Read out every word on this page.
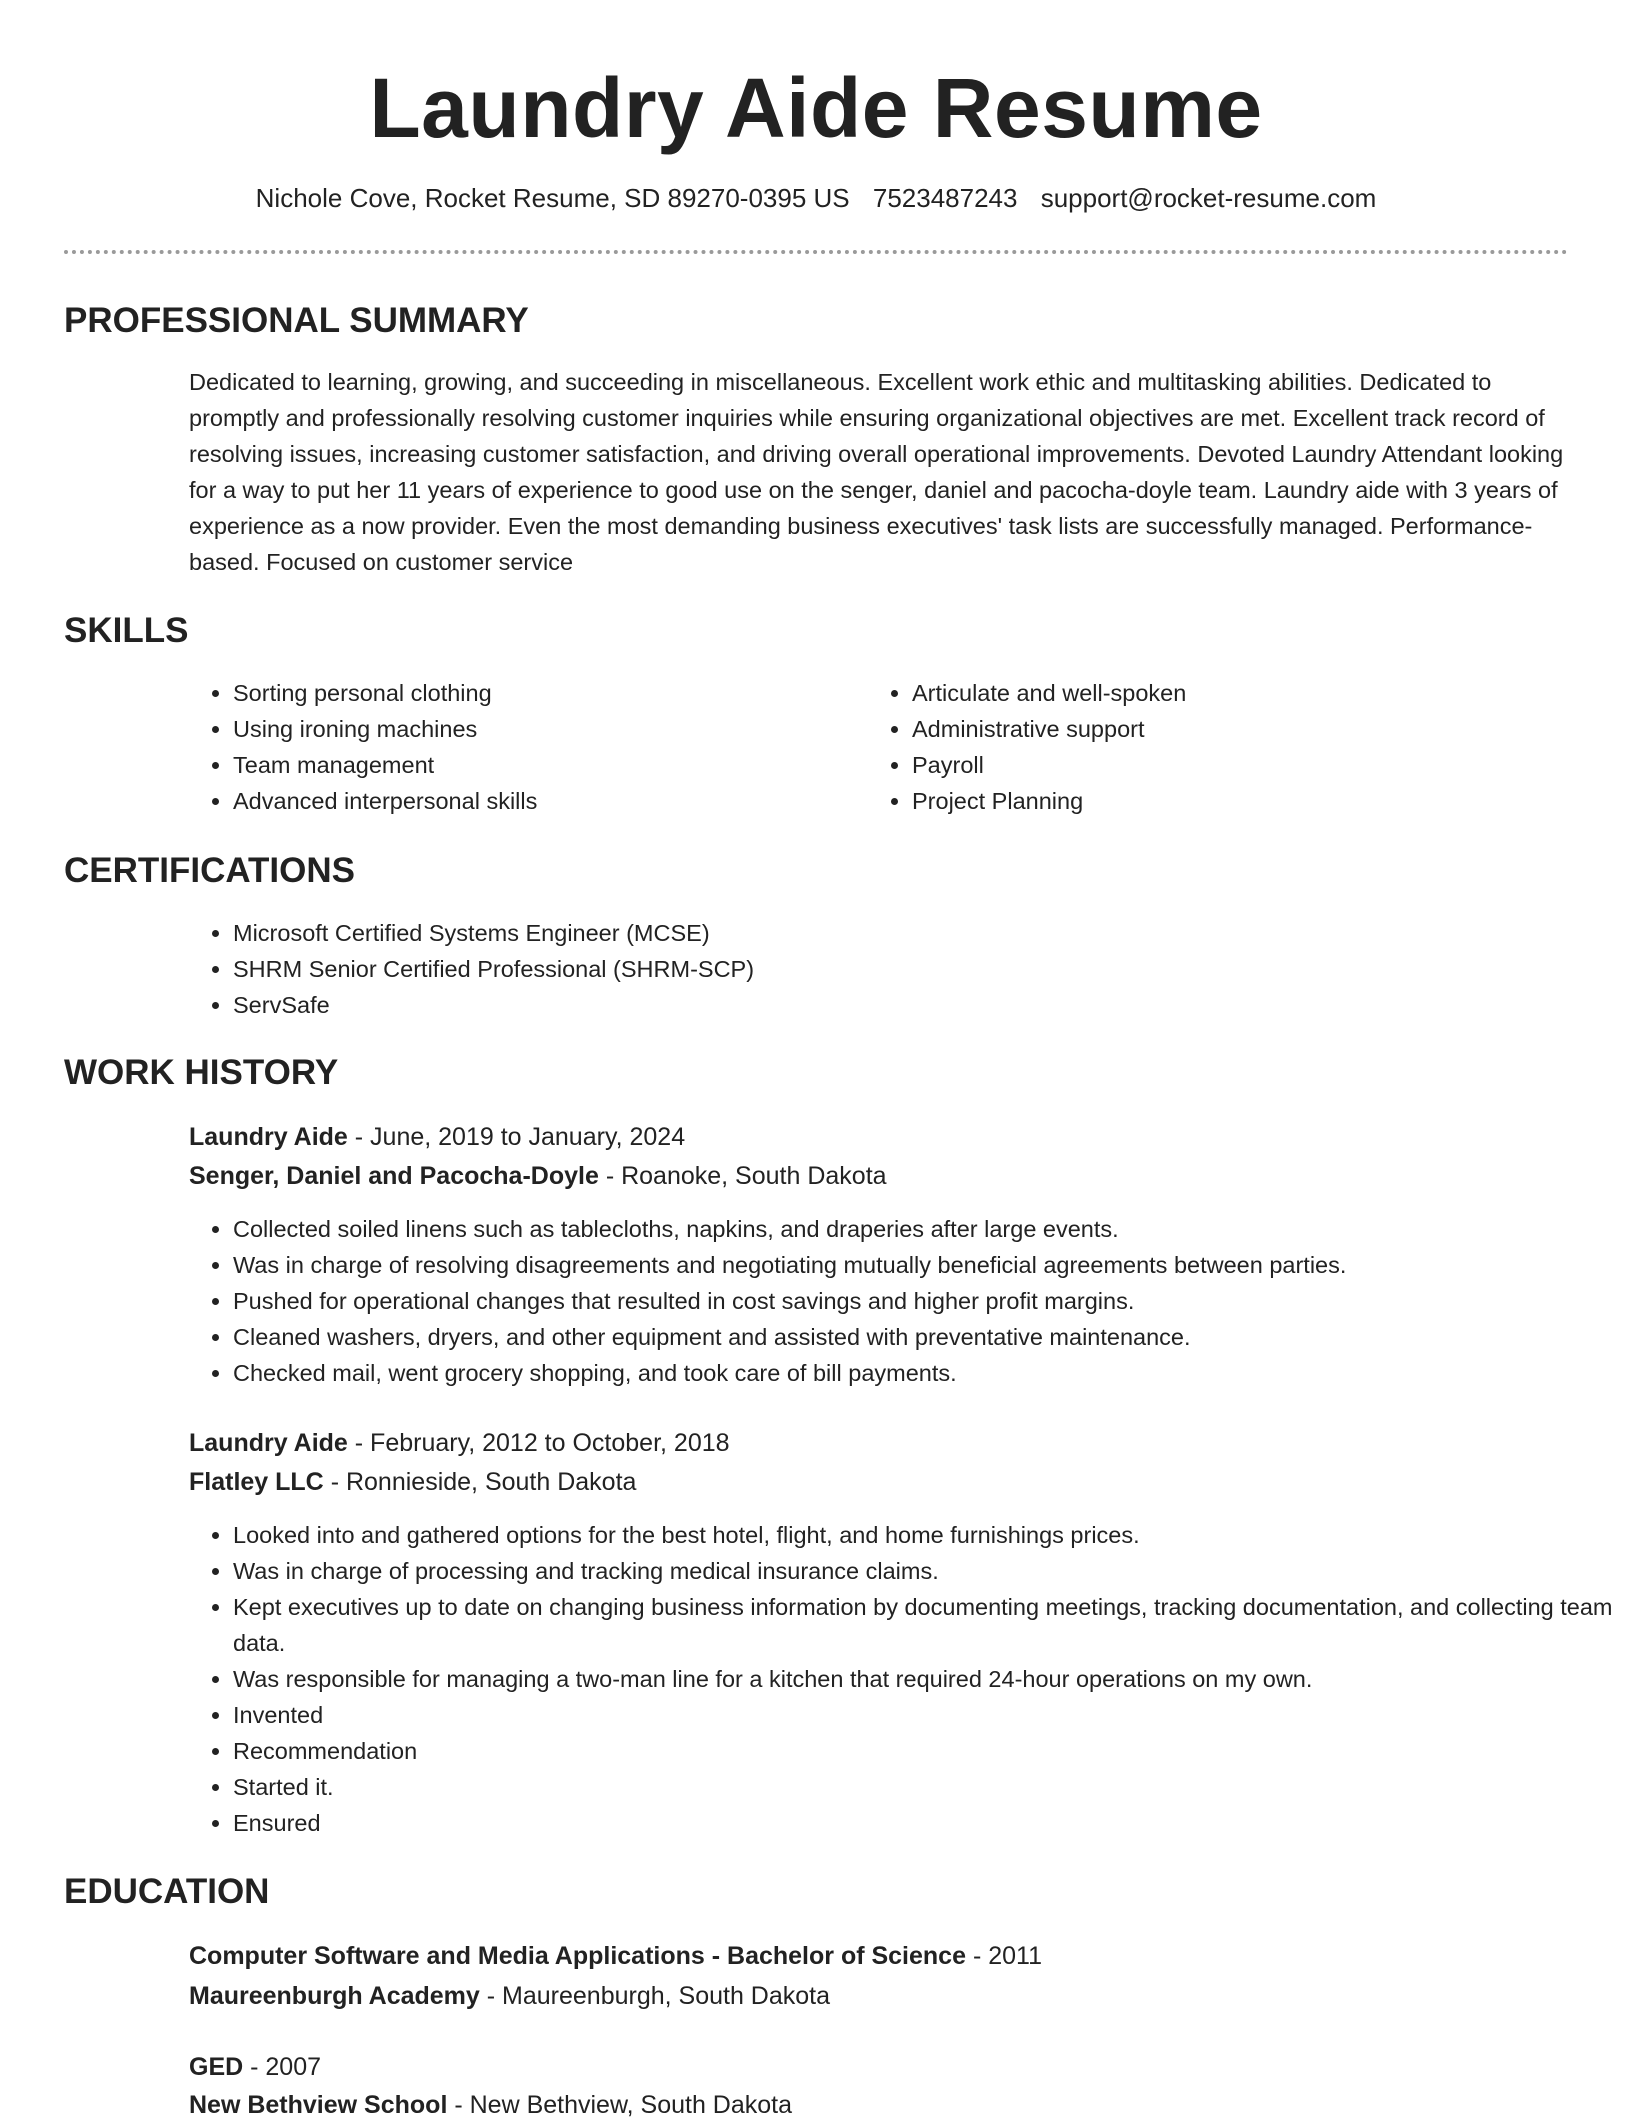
Laundry Aide Resume
Nichole Cove, Rocket Resume, SD 89270-0395 US 7523487243 support@rocket-resume.com
PROFESSIONAL SUMMARY
Dedicated to learning, growing, and succeeding in miscellaneous. Excellent work ethic and multitasking abilities. Dedicated to promptly and professionally resolving customer inquiries while ensuring organizational objectives are met. Excellent track record of resolving issues, increasing customer satisfaction, and driving overall operational improvements. Devoted Laundry Attendant looking for a way to put her 11 years of experience to good use on the senger, daniel and pacocha-doyle team. Laundry aide with 3 years of experience as a now provider. Even the most demanding business executives' task lists are successfully managed. Performance-based. Focused on customer service
SKILLS
• Sorting personal clothing
• Using ironing machines
• Team management
• Advanced interpersonal skills
• Articulate and well-spoken
• Administrative support
• Payroll
• Project Planning
CERTIFICATIONS
• Microsoft Certified Systems Engineer (MCSE)
• SHRM Senior Certified Professional (SHRM-SCP)
• ServSafe
WORK HISTORY
Laundry Aide - June, 2019 to January, 2024
Senger, Daniel and Pacocha-Doyle - Roanoke, South Dakota
• Collected soiled linens such as tablecloths, napkins, and draperies after large events.
• Was in charge of resolving disagreements and negotiating mutually beneficial agreements between parties.
• Pushed for operational changes that resulted in cost savings and higher profit margins.
• Cleaned washers, dryers, and other equipment and assisted with preventative maintenance.
• Checked mail, went grocery shopping, and took care of bill payments.
Laundry Aide - February, 2012 to October, 2018
Flatley LLC - Ronnieside, South Dakota
• Looked into and gathered options for the best hotel, flight, and home furnishings prices.
• Was in charge of processing and tracking medical insurance claims.
• Kept executives up to date on changing business information by documenting meetings, tracking documentation, and collecting team data.
• Was responsible for managing a two-man line for a kitchen that required 24-hour operations on my own.
• Invented
• Recommendation
• Started it.
• Ensured
EDUCATION
Computer Software and Media Applications - Bachelor of Science - 2011
Maureenburgh Academy - Maureenburgh, South Dakota
GED - 2007
New Bethview School - New Bethview, South Dakota
